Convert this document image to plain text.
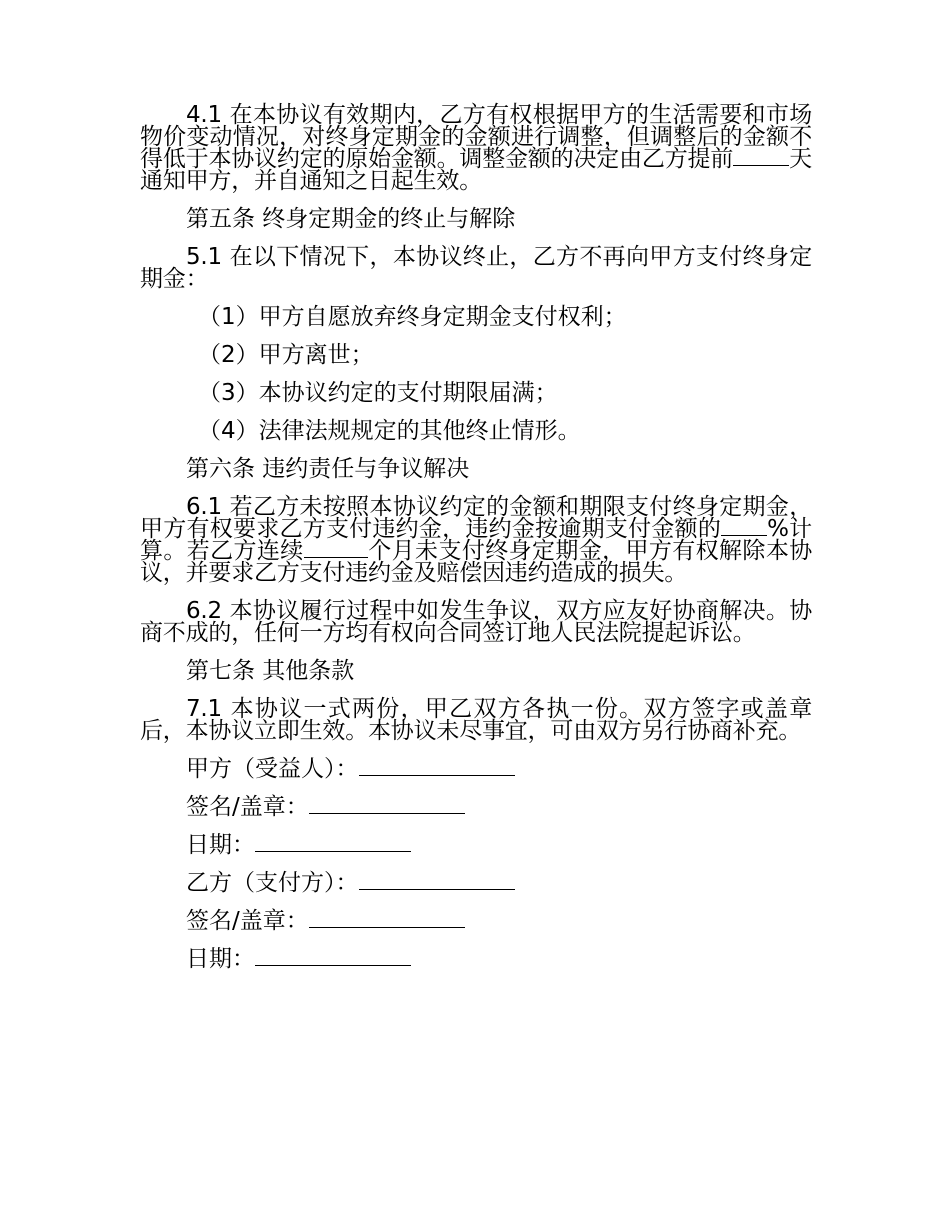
4.1 在本协议有效期内，乙方有权根据甲方的生活需要和市场物价变动情况，对终身定期金的金额进行调整，但调整后的金额不得低于本协议约定的原始金额。调整金额的决定由乙方提前 天通知甲方，并自通知之日起生效。

第五条 终身定期金的终止与解除

5.1 在以下情况下，本协议终止，乙方不再向甲方支付终身定期金：

（1）甲方自愿放弃终身定期金支付权利；

（2）甲方离世；

（3）本协议约定的支付期限届满；

（4）法律法规规定的其他终止情形。

第六条 违约责任与争议解决

6.1 若乙方未按照本协议约定的金额和期限支付终身定期金，甲方有权要求乙方支付违约金，违约金按逾期支付金额的 %计算。若乙方连续	个月未支付终身定期金，甲方有权解除本协议，并要求乙方支付违约金及赔偿因违约造成的损失。

6.2 本协议履行过程中如发生争议，双方应友好协商解决。协商不成的，任何一方均有权向合同签订地人民法院提起诉讼。

第七条 其他条款

7.1 本协议一式两份，甲乙双方各执一份。双方签字或盖章后，本协议立即生效。本协议未尽事宜，可由双方另行协商补充。

甲方（受益人）：

签名/盖章：

日期：

乙方（支付方）：

签名/盖章：

日期：
